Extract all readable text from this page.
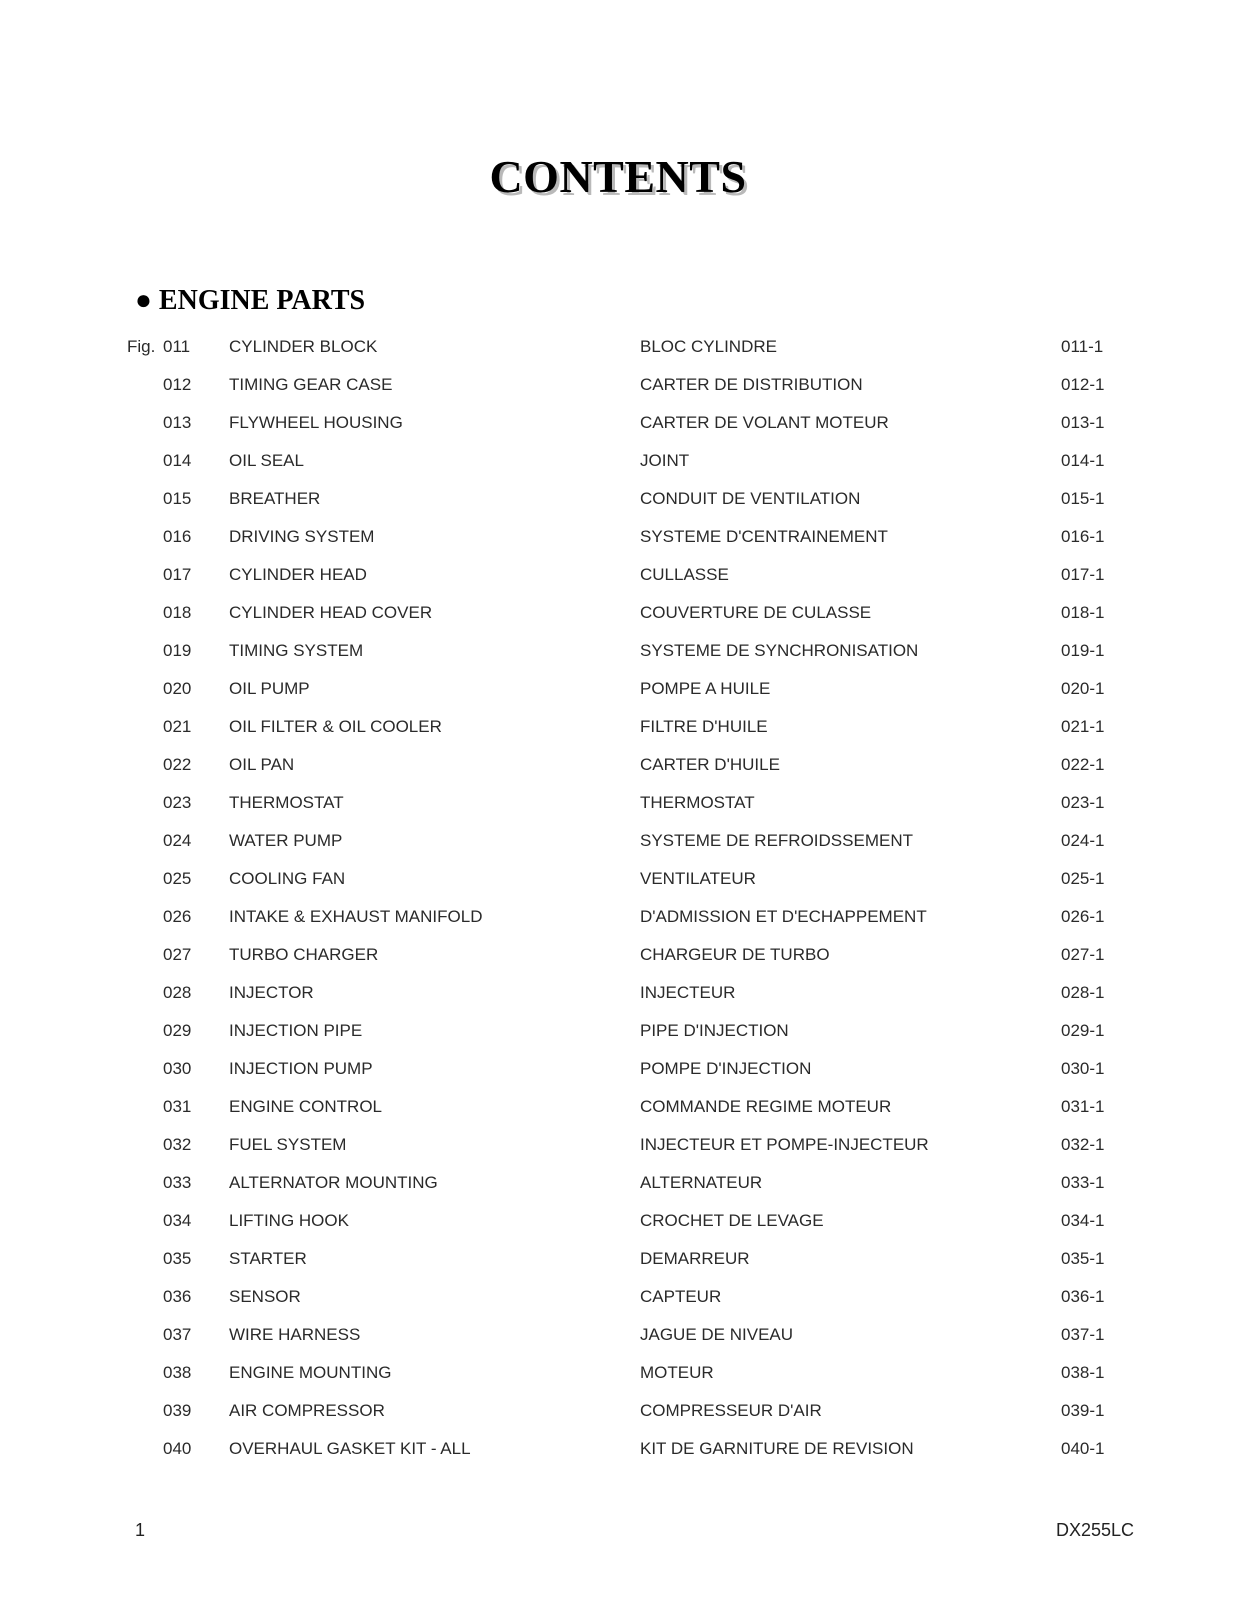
CONTENTS
● ENGINE PARTS
Fig. 011 CYLINDER BLOCK	BLOC CYLINDRE	011-1
012 TIMING GEAR CASE	CARTER DE DISTRIBUTION	012-1
013 FLYWHEEL HOUSING	CARTER DE VOLANT MOTEUR	013-1
014 OIL SEAL	JOINT	014-1
015 BREATHER	CONDUIT DE VENTILATION	015-1
016 DRIVING SYSTEM	SYSTEME D'CENTRAINEMENT	016-1
017 CYLINDER HEAD	CULLASSE	017-1
018 CYLINDER HEAD COVER	COUVERTURE DE CULASSE	018-1
019 TIMING SYSTEM	SYSTEME DE SYNCHRONISATION	019-1
020 OIL PUMP	POMPE A HUILE	020-1
021 OIL FILTER & OIL COOLER	FILTRE D'HUILE	021-1
022 OIL PAN	CARTER D'HUILE	022-1
023 THERMOSTAT	THERMOSTAT	023-1
024 WATER PUMP	SYSTEME DE REFROIDSSEMENT	024-1
025 COOLING FAN	VENTILATEUR	025-1
026 INTAKE & EXHAUST MANIFOLD	D'ADMISSION ET D'ECHAPPEMENT	026-1
027 TURBO CHARGER	CHARGEUR DE TURBO	027-1
028 INJECTOR	INJECTEUR	028-1
029 INJECTION PIPE	PIPE D'INJECTION	029-1
030 INJECTION PUMP	POMPE D'INJECTION	030-1
031 ENGINE CONTROL	COMMANDE REGIME MOTEUR	031-1
032 FUEL SYSTEM	INJECTEUR ET POMPE-INJECTEUR	032-1
033 ALTERNATOR MOUNTING	ALTERNATEUR	033-1
034 LIFTING HOOK	CROCHET DE LEVAGE	034-1
035 STARTER	DEMARREUR	035-1
036 SENSOR	CAPTEUR	036-1
037 WIRE HARNESS	JAGUE DE NIVEAU	037-1
038 ENGINE MOUNTING	MOTEUR	038-1
039 AIR COMPRESSOR	COMPRESSEUR D'AIR	039-1
040 OVERHAUL GASKET KIT - ALL	KIT DE GARNITURE DE REVISION	040-1
1	DX255LC
